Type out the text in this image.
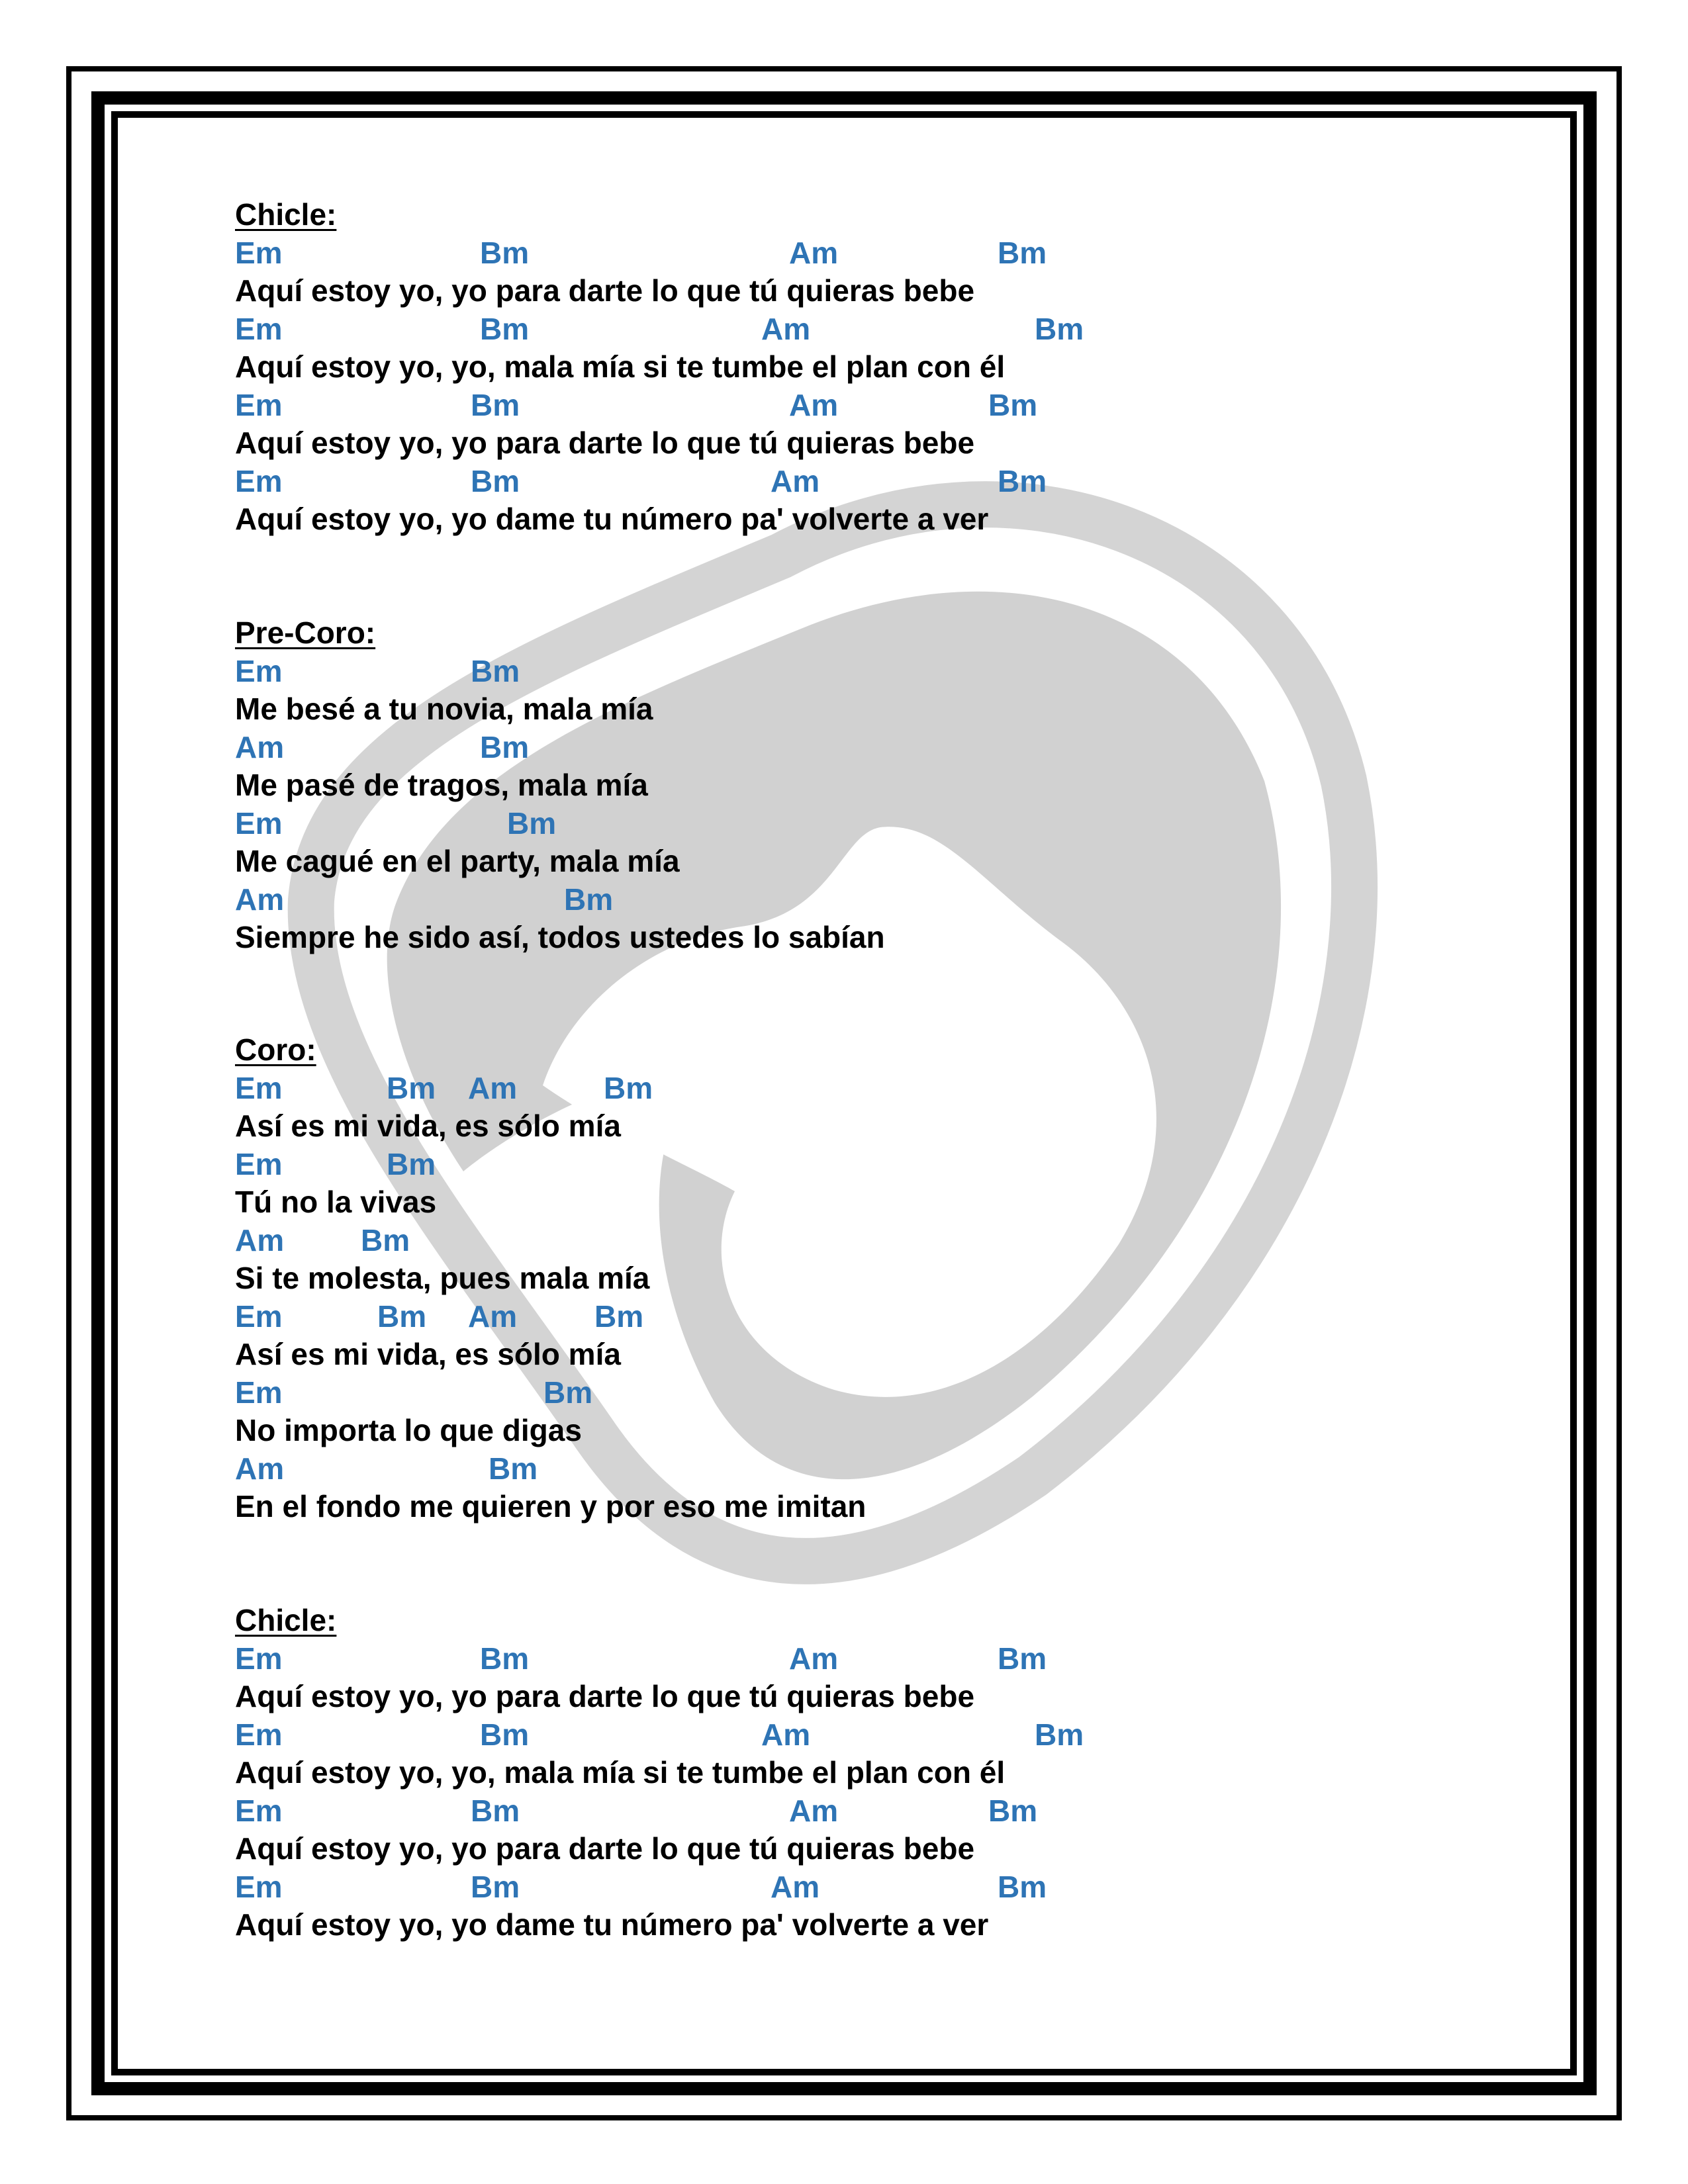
Chicle:
Em	Bm	Am	Bm
Aquí estoy yo, yo para darte lo que tú quieras bebe
Em	Bm	Am	Bm
Aquí estoy yo, yo, mala mía si te tumbe el plan con él
Em	Bm	Am	Bm
Aquí estoy yo, yo para darte lo que tú quieras bebe
Em	Bm	Am	Bm
Aquí estoy yo, yo dame tu número pa' volverte a ver
Pre-Coro:
Em	Bm
Me besé a tu novia, mala mía
Am	Bm
Me pasé de tragos, mala mía
Em	Bm
Me cagué en el party, mala mía
Am	Bm
Siempre he sido así, todos ustedes lo sabían
Coro:
Em	Bm Am	Bm
Así es mi vida, es sólo mía
Em	Bm
Tú no la vivas
Am	Bm
Si te molesta, pues mala mía
Em	Bm Am	Bm
Así es mi vida, es sólo mía
Em	Bm
No importa lo que digas
Am	Bm
En el fondo me quieren y por eso me imitan
Chicle:
Em	Bm	Am	Bm
Aquí estoy yo, yo para darte lo que tú quieras bebe
Em	Bm	Am	Bm
Aquí estoy yo, yo, mala mía si te tumbe el plan con él
Em	Bm	Am	Bm
Aquí estoy yo, yo para darte lo que tú quieras bebe
Em	Bm	Am	Bm
Aquí estoy yo, yo dame tu número pa' volverte a ver
